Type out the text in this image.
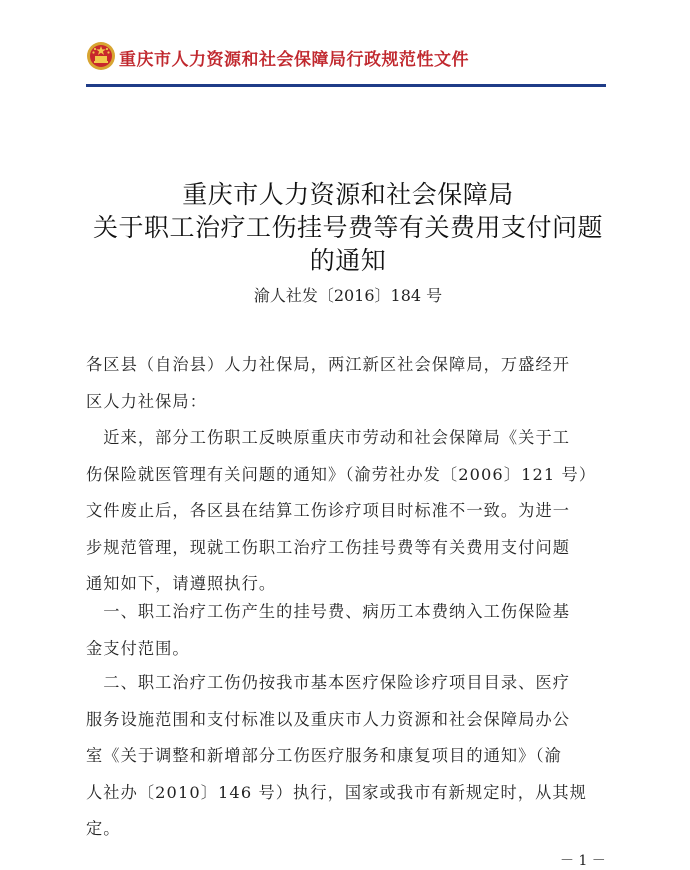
重庆市人力资源和社会保障局行政规范性文件
重庆市人力资源和社会保障局
关于职工治疗工伤挂号费等有关费用支付问题
的通知
渝人社发〔2016〕184 号
各区县（自治县）人力社保局，两江新区社会保障局，万盛经开
区人力社保局：
　近来，部分工伤职工反映原重庆市劳动和社会保障局《关于工
伤保险就医管理有关问题的通知》（渝劳社办发〔2006〕121 号）
文件废止后，各区县在结算工伤诊疗项目时标准不一致。为进一
步规范管理，现就工伤职工治疗工伤挂号费等有关费用支付问题
通知如下，请遵照执行。
　一、职工治疗工伤产生的挂号费、病历工本费纳入工伤保险基
金支付范围。
　二、职工治疗工伤仍按我市基本医疗保险诊疗项目目录、医疗
服务设施范围和支付标准以及重庆市人力资源和社会保障局办公
室《关于调整和新增部分工伤医疗服务和康复项目的通知》（渝
人社办〔2010〕146 号）执行，国家或我市有新规定时，从其规
定。
－ 1 －
